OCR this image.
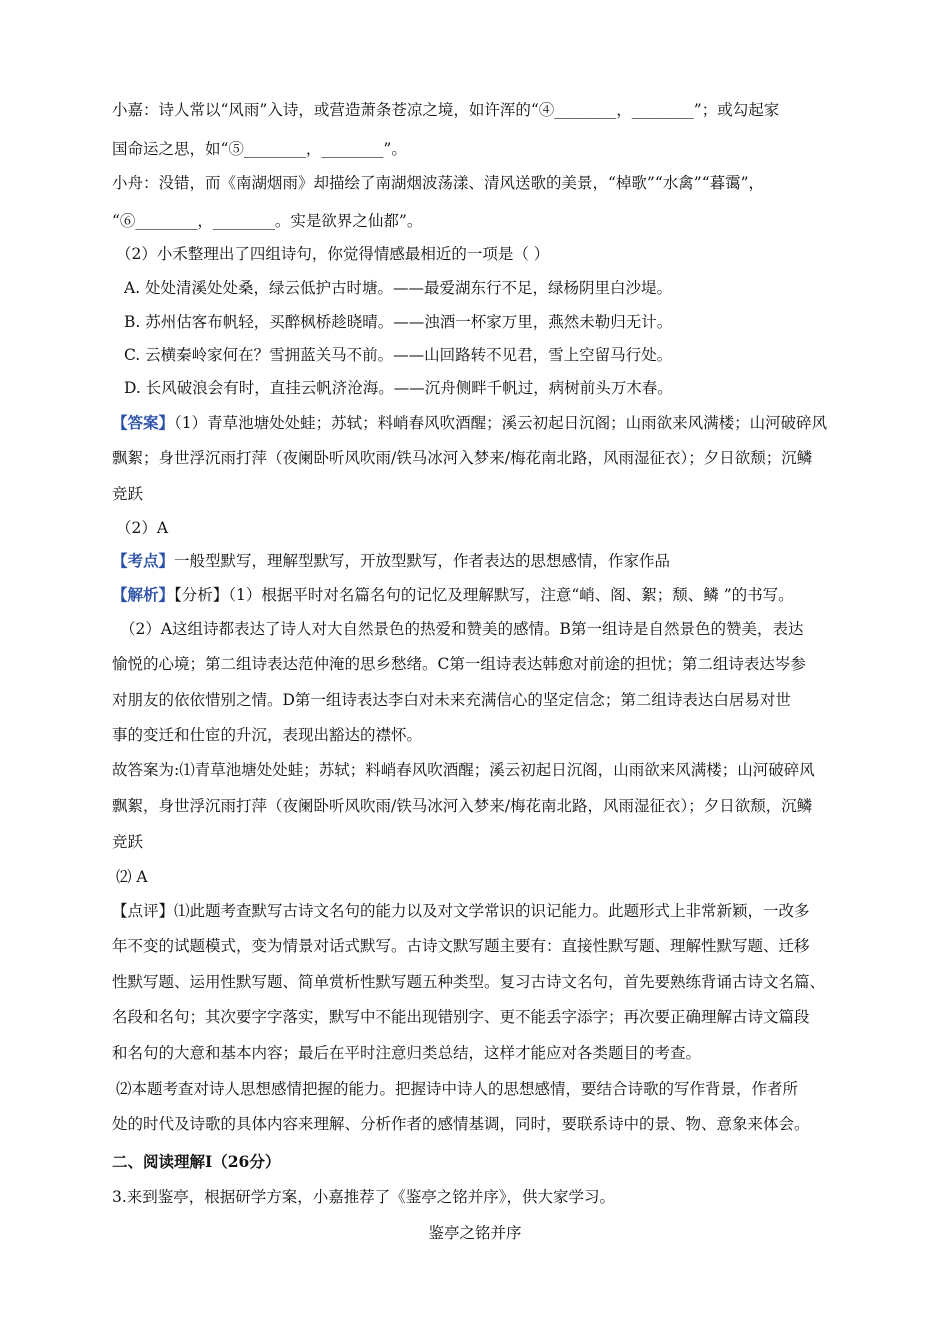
小嘉：诗人常以“风雨”入诗，或营造萧条苍凉之境，如许浑的“④________，________”；或勾起家
国命运之思，如“⑤________，________”。
小舟：没错，而《南湖烟雨》却描绘了南湖烟波荡漾、清风送歌的美景，“棹歌”“水禽”“暮霭”，
“⑥________，________。实是欲界之仙都”。
（2）小禾整理出了四组诗句，你觉得情感最相近的一项是（ ）
A. 处处清溪处处桑，绿云低护古时塘。——最爱湖东行不足，绿杨阴里白沙堤。
B. 苏州估客布帆轻，买醉枫桥趁晓晴。——浊酒一杯家万里，燕然未勒归无计。
C. 云横秦岭家何在？雪拥蓝关马不前。——山回路转不见君，雪上空留马行处。
D. 长风破浪会有时，直挂云帆济沧海。——沉舟侧畔千帆过，病树前头万木春。
【答案】（1）青草池塘处处蛙；苏轼；料峭春风吹酒醒；溪云初起日沉阁；山雨欲来风满楼；山河破碎风
飘絮；身世浮沉雨打萍（夜阑卧听风吹雨/铁马冰河入梦来/梅花南北路，风雨湿征衣）；夕日欲颓；沉鳞
竞跃
（2）A
【考点】一般型默写，理解型默写，开放型默写，作者表达的思想感情，作家作品
【解析】【分析】（1）根据平时对名篇名句的记忆及理解默写，注意“峭、阁、絮；颓、鳞 ”的书写。
（2）A这组诗都表达了诗人对大自然景色的热爱和赞美的感情。B第一组诗是自然景色的赞美，表达
愉悦的心境；第二组诗表达范仲淹的思乡愁绪。C第一组诗表达韩愈对前途的担忧；第二组诗表达岑参
对朋友的依依惜别之情。D第一组诗表达李白对未来充满信心的坚定信念；第二组诗表达白居易对世
事的变迁和仕宦的升沉，表现出豁达的襟怀。
故答案为:⑴青草池塘处处蛙；苏轼；料峭春风吹酒醒；溪云初起日沉阁，山雨欲来风满楼；山河破碎风
飘絮，身世浮沉雨打萍（夜阑卧听风吹雨/铁马冰河入梦来/梅花南北路，风雨湿征衣）；夕日欲颓，沉鳞
竞跃
⑵ A
【点评】⑴此题考查默写古诗文名句的能力以及对文学常识的识记能力。此题形式上非常新颖，一改多
年不变的试题模式，变为情景对话式默写。古诗文默写题主要有：直接性默写题、理解性默写题、迁移
性默写题、运用性默写题、简单赏析性默写题五种类型。复习古诗文名句，首先要熟练背诵古诗文名篇、
名段和名句；其次要字字落实，默写中不能出现错别字、更不能丢字添字；再次要正确理解古诗文篇段
和名句的大意和基本内容；最后在平时注意归类总结，这样才能应对各类题目的考查。
⑵本题考查对诗人思想感情把握的能力。把握诗中诗人的思想感情，要结合诗歌的写作背景，作者所
处的时代及诗歌的具体内容来理解、分析作者的感情基调，同时，要联系诗中的景、物、意象来体会。
二、阅读理解Ⅰ（26分）
3.来到鉴亭，根据研学方案，小嘉推荐了《鉴亭之铭并序》，供大家学习。
鉴亭之铭并序
